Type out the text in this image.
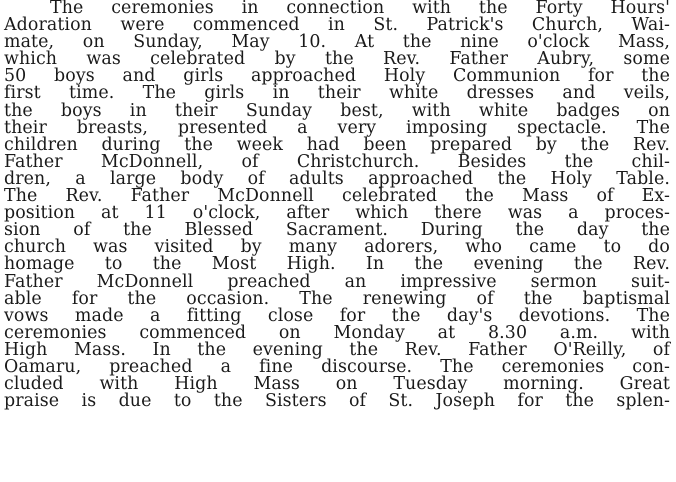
The ceremonies in connection with the Forty Hours'
Adoration were commenced in St. Patrick's Church, Wai-
mate, on Sunday, May 10. At the nine o'clock Mass,
which was celebrated by the Rev. Father Aubry, some
50 boys and girls approached Holy Communion for the
first time. The girls in their white dresses and veils,
the boys in their Sunday best, with white badges on
their breasts, presented a very imposing spectacle. The
children during the week had been prepared by the Rev.
Father McDonnell, of Christchurch. Besides the chil-
dren, a large body of adults approached the Holy Table.
The Rev. Father McDonnell celebrated the Mass of Ex-
position at 11 o'clock, after which there was a proces-
sion of the Blessed Sacrament. During the day the
church was visited by many adorers, who came to do
homage to the Most High. In the evening the Rev.
Father McDonnell preached an impressive sermon suit-
able for the occasion. The renewing of the baptismal
vows made a fitting close for the day's devotions. The
ceremonies commenced on Monday at 8.30 a.m. with
High Mass. In the evening the Rev. Father O'Reilly, of
Oamaru, preached a fine discourse. The ceremonies con-
cluded with High Mass on Tuesday morning. Great
praise is due to the Sisters of St. Joseph for the splen-
